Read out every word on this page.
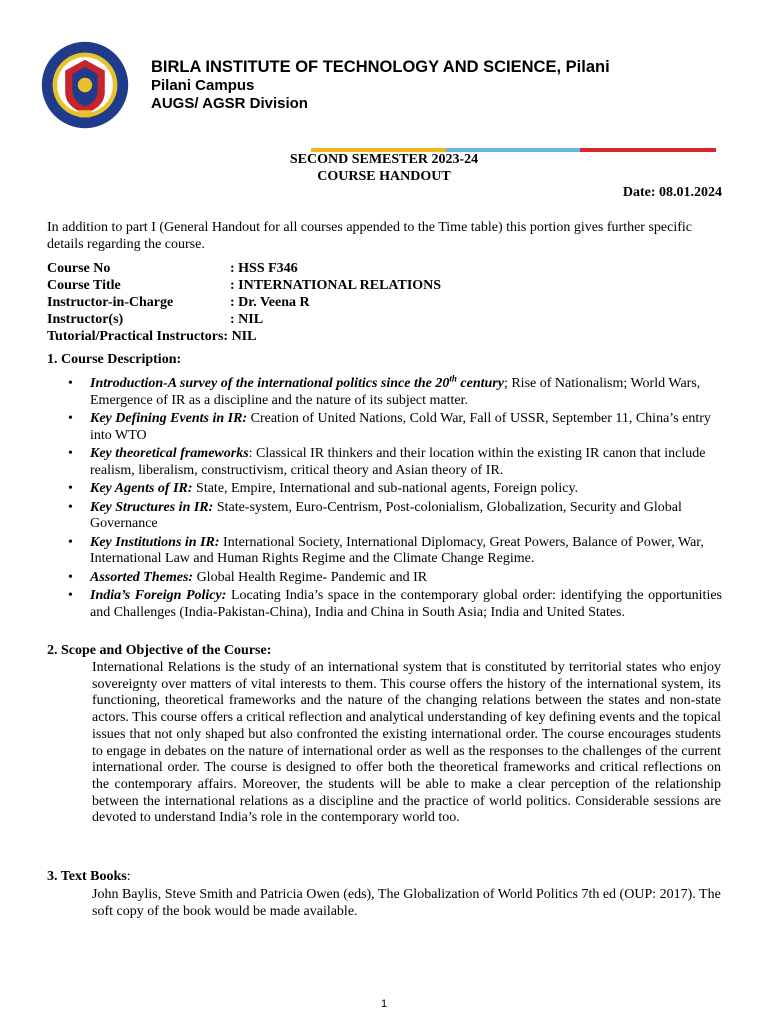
BIRLA INSTITUTE OF TECHNOLOGY AND SCIENCE, Pilani
Pilani Campus
AUGS/ AGSR Division
SECOND SEMESTER 2023-24
COURSE HANDOUT
Date: 08.01.2024
In addition to part I (General Handout for all courses appended to the Time table) this portion gives further specific details regarding the course.
Course No	: HSS F346
Course Title	: INTERNATIONAL RELATIONS
Instructor-in-Charge	: Dr. Veena R
Instructor(s)	: NIL
Tutorial/Practical Instructors: NIL
1. Course Description:
• Introduction-A survey of the international politics since the 20th century; Rise of Nationalism; World Wars, Emergence of IR as a discipline and the nature of its subject matter.
• Key Defining Events in IR: Creation of United Nations, Cold War, Fall of USSR, September 11, China’s entry into WTO
• Key theoretical frameworks: Classical IR thinkers and their location within the existing IR canon that include realism, liberalism, constructivism, critical theory and Asian theory of IR.
• Key Agents of IR: State, Empire, International and sub-national agents, Foreign policy.
• Key Structures in IR: State-system, Euro-Centrism, Post-colonialism, Globalization, Security and Global Governance
• Key Institutions in IR: International Society, International Diplomacy, Great Powers, Balance of Power, War, International Law and Human Rights Regime and the Climate Change Regime.
• Assorted Themes: Global Health Regime- Pandemic and IR
• India’s Foreign Policy: Locating India’s space in the contemporary global order: identifying the opportunities and Challenges (India-Pakistan-China), India and China in South Asia; India and United States.
2. Scope and Objective of the Course:
International Relations is the study of an international system that is constituted by territorial states who enjoy sovereignty over matters of vital interests to them. This course offers the history of the international system, its functioning, theoretical frameworks and the nature of the changing relations between the states and non-state actors. This course offers a critical reflection and analytical understanding of key defining events and the topical issues that not only shaped but also confronted the existing international order. The course encourages students to engage in debates on the nature of international order as well as the responses to the challenges of the current international order. The course is designed to offer both the theoretical frameworks and critical reflections on the contemporary affairs. Moreover, the students will be able to make a clear perception of the relationship between the international relations as a discipline and the practice of world politics. Considerable sessions are devoted to understand India’s role in the contemporary world too.
3. Text Books:
John Baylis, Steve Smith and Patricia Owen (eds), The Globalization of World Politics 7th ed (OUP: 2017). The soft copy of the book would be made available.
1
